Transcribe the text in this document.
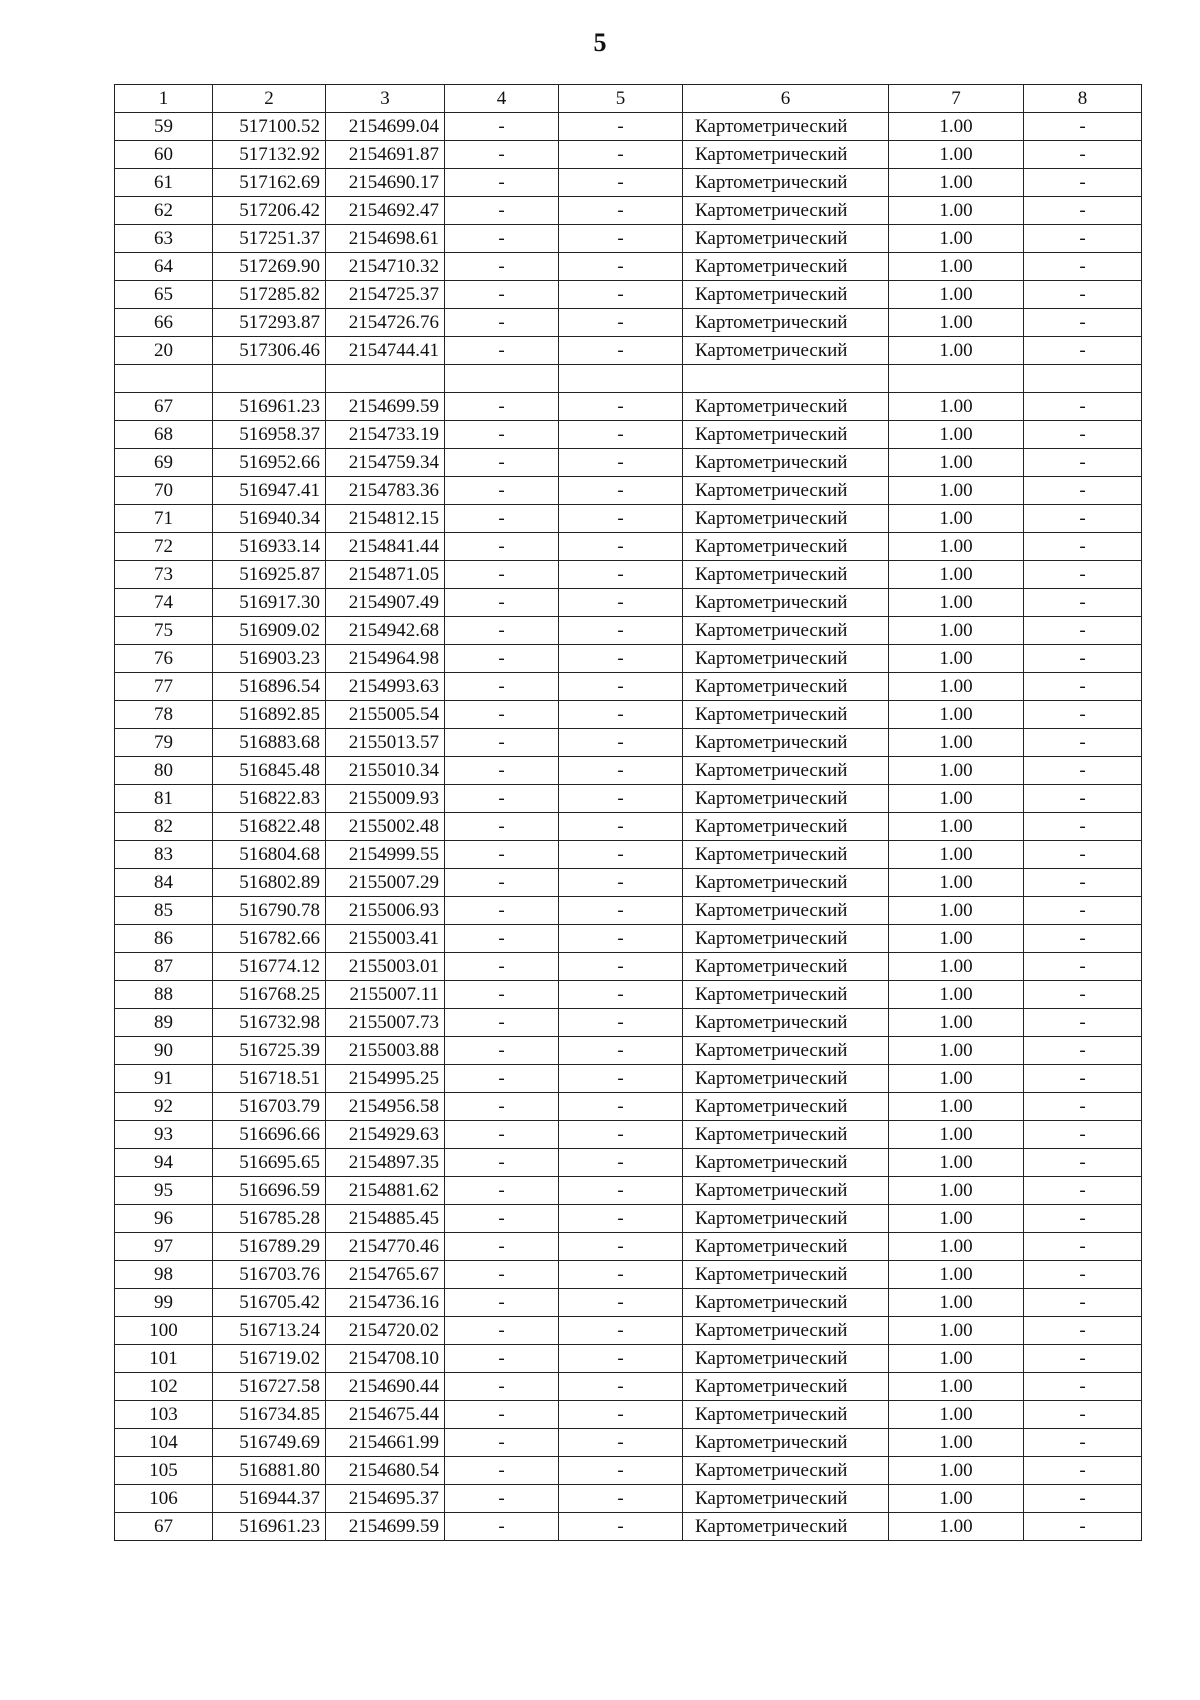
5
1	2	3	4	5	6	7	8
59	517100.52	2154699.04	-	-	Картометрический	1.00	-
60	517132.92	2154691.87	-	-	Картометрический	1.00	-
61	517162.69	2154690.17	-	-	Картометрический	1.00	-
62	517206.42	2154692.47	-	-	Картометрический	1.00	-
63	517251.37	2154698.61	-	-	Картометрический	1.00	-
64	517269.90	2154710.32	-	-	Картометрический	1.00	-
65	517285.82	2154725.37	-	-	Картометрический	1.00	-
66	517293.87	2154726.76	-	-	Картометрический	1.00	-
20	517306.46	2154744.41	-	-	Картометрический	1.00	-

67	516961.23	2154699.59	-	-	Картометрический	1.00	-
68	516958.37	2154733.19	-	-	Картометрический	1.00	-
69	516952.66	2154759.34	-	-	Картометрический	1.00	-
70	516947.41	2154783.36	-	-	Картометрический	1.00	-
71	516940.34	2154812.15	-	-	Картометрический	1.00	-
72	516933.14	2154841.44	-	-	Картометрический	1.00	-
73	516925.87	2154871.05	-	-	Картометрический	1.00	-
74	516917.30	2154907.49	-	-	Картометрический	1.00	-
75	516909.02	2154942.68	-	-	Картометрический	1.00	-
76	516903.23	2154964.98	-	-	Картометрический	1.00	-
77	516896.54	2154993.63	-	-	Картометрический	1.00	-
78	516892.85	2155005.54	-	-	Картометрический	1.00	-
79	516883.68	2155013.57	-	-	Картометрический	1.00	-
80	516845.48	2155010.34	-	-	Картометрический	1.00	-
81	516822.83	2155009.93	-	-	Картометрический	1.00	-
82	516822.48	2155002.48	-	-	Картометрический	1.00	-
83	516804.68	2154999.55	-	-	Картометрический	1.00	-
84	516802.89	2155007.29	-	-	Картометрический	1.00	-
85	516790.78	2155006.93	-	-	Картометрический	1.00	-
86	516782.66	2155003.41	-	-	Картометрический	1.00	-
87	516774.12	2155003.01	-	-	Картометрический	1.00	-
88	516768.25	2155007.11	-	-	Картометрический	1.00	-
89	516732.98	2155007.73	-	-	Картометрический	1.00	-
90	516725.39	2155003.88	-	-	Картометрический	1.00	-
91	516718.51	2154995.25	-	-	Картометрический	1.00	-
92	516703.79	2154956.58	-	-	Картометрический	1.00	-
93	516696.66	2154929.63	-	-	Картометрический	1.00	-
94	516695.65	2154897.35	-	-	Картометрический	1.00	-
95	516696.59	2154881.62	-	-	Картометрический	1.00	-
96	516785.28	2154885.45	-	-	Картометрический	1.00	-
97	516789.29	2154770.46	-	-	Картометрический	1.00	-
98	516703.76	2154765.67	-	-	Картометрический	1.00	-
99	516705.42	2154736.16	-	-	Картометрический	1.00	-
100	516713.24	2154720.02	-	-	Картометрический	1.00	-
101	516719.02	2154708.10	-	-	Картометрический	1.00	-
102	516727.58	2154690.44	-	-	Картометрический	1.00	-
103	516734.85	2154675.44	-	-	Картометрический	1.00	-
104	516749.69	2154661.99	-	-	Картометрический	1.00	-
105	516881.80	2154680.54	-	-	Картометрический	1.00	-
106	516944.37	2154695.37	-	-	Картометрический	1.00	-
67	516961.23	2154699.59	-	-	Картометрический	1.00	-
